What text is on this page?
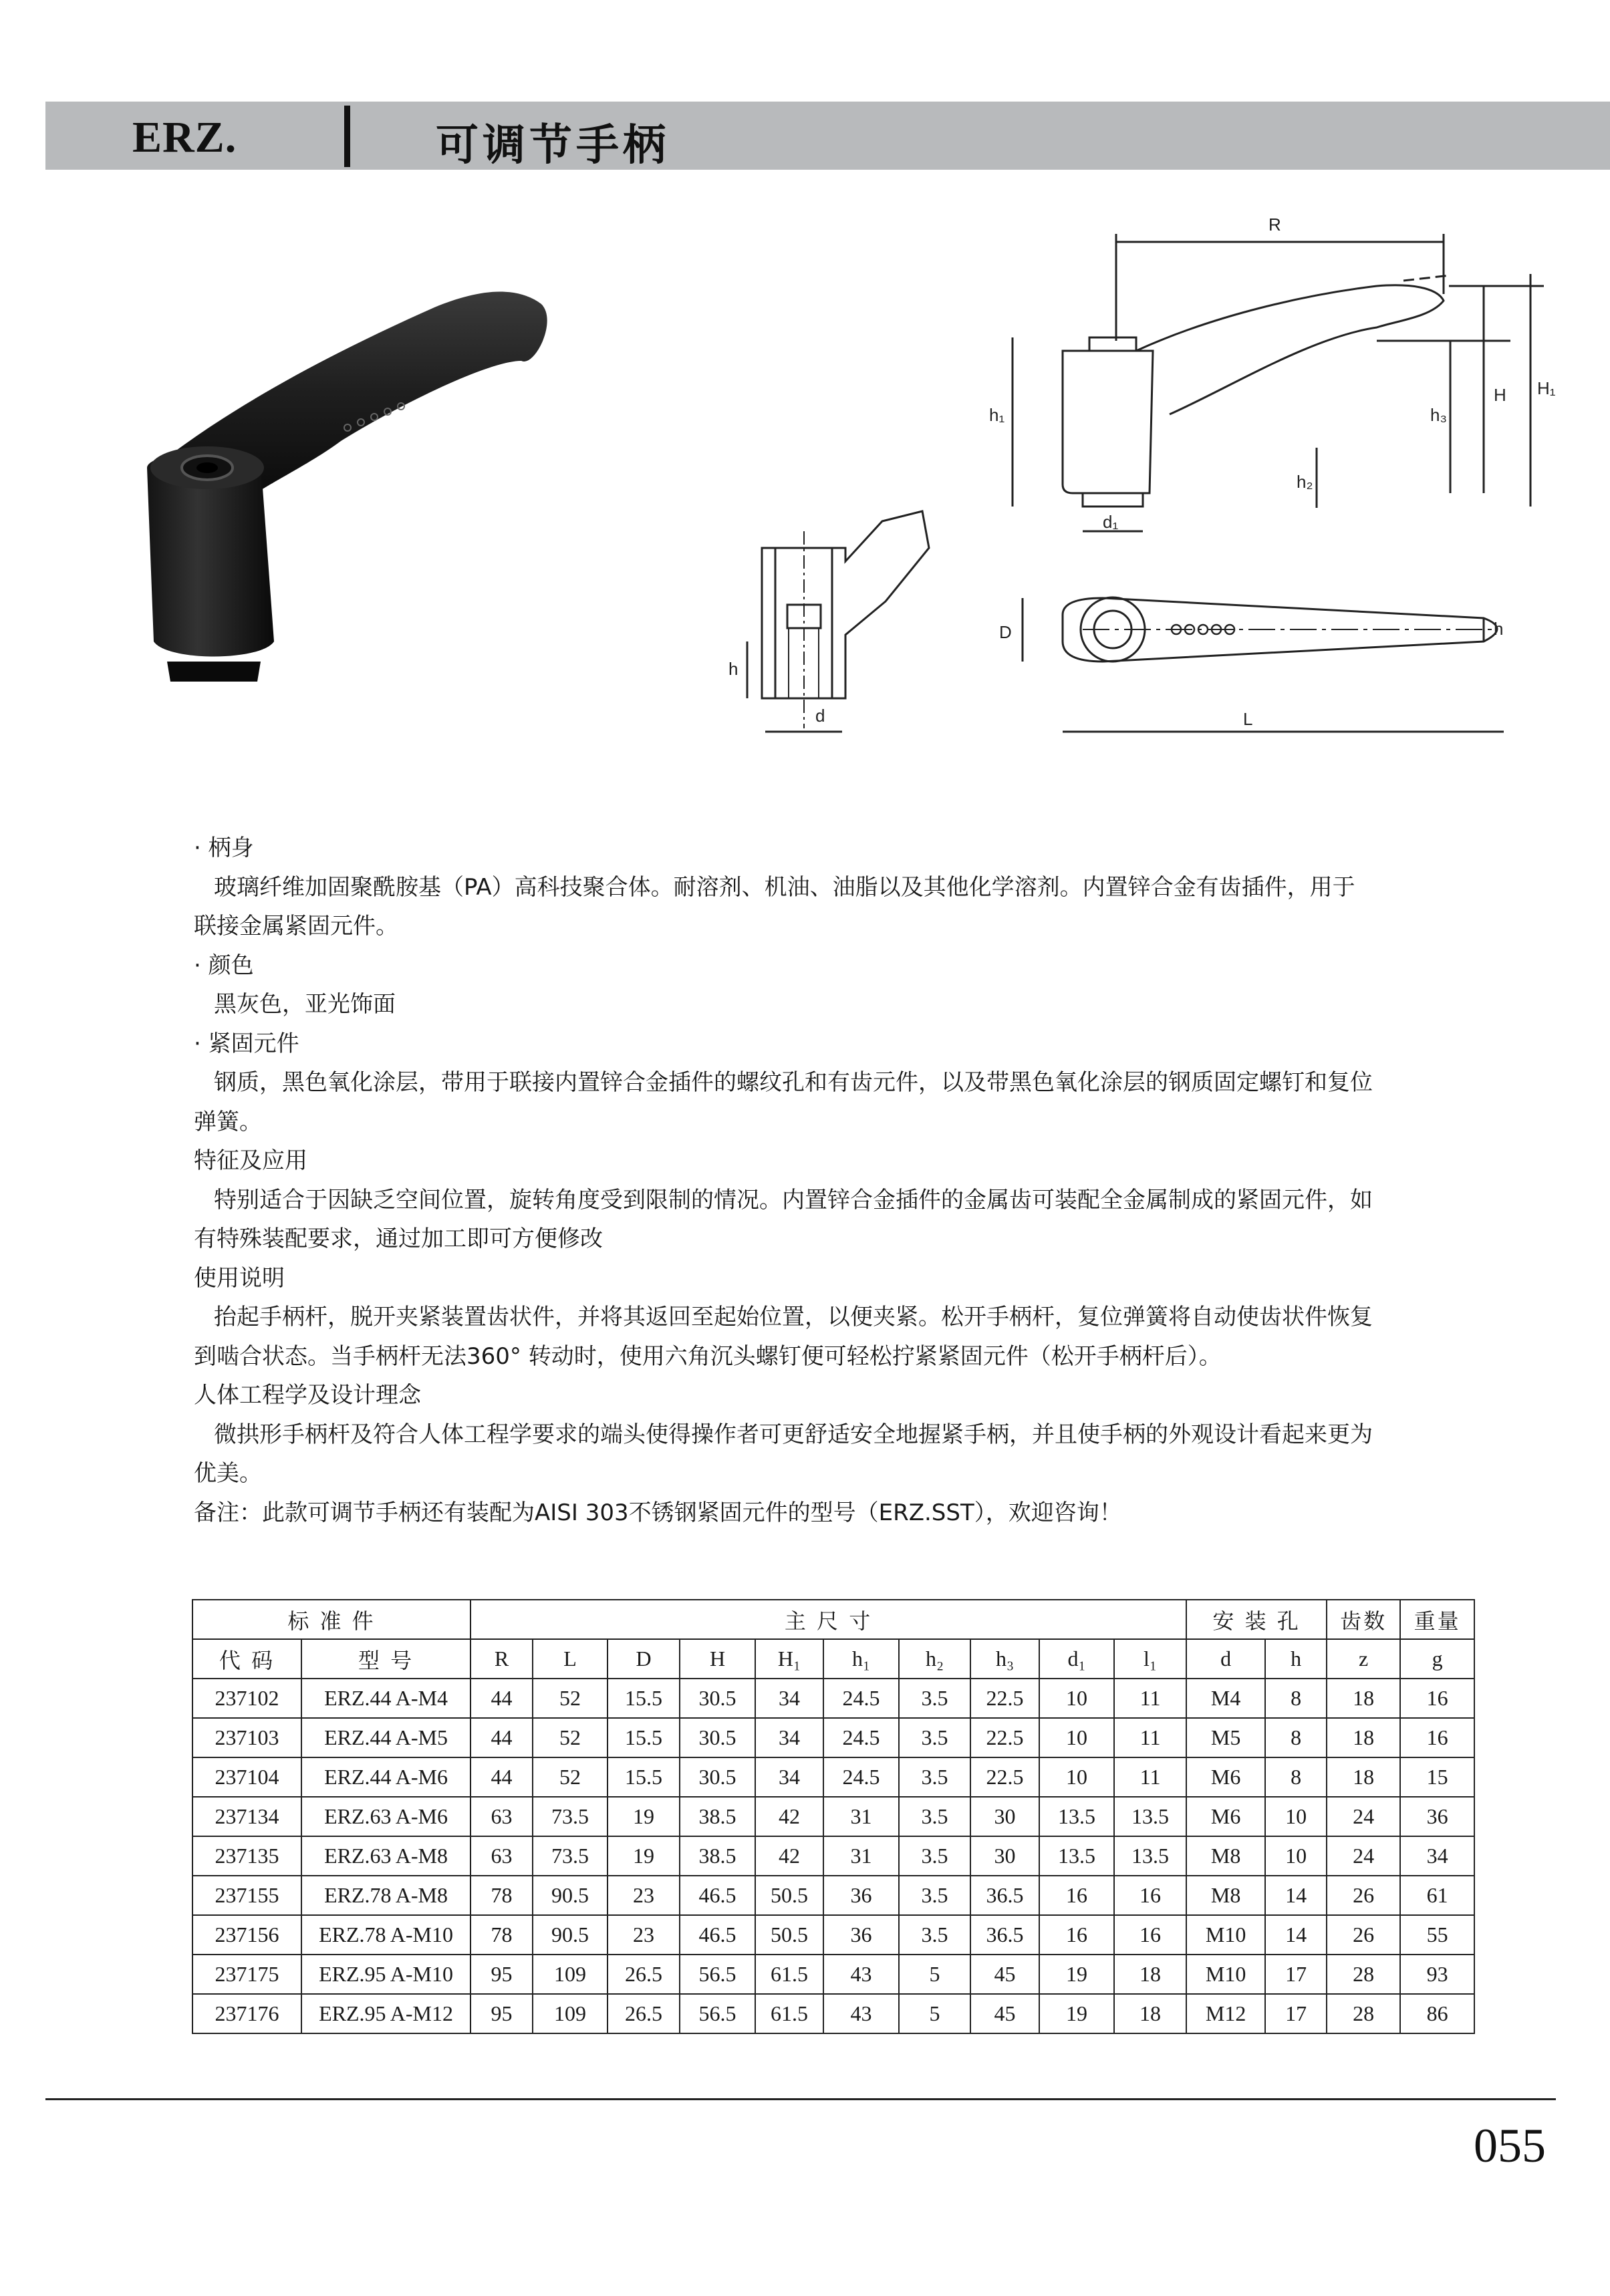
ERZ.	可调节手柄
R
H H₁
h₁
h₂
h₃
d₁
h
d
D
L
h

· 柄身

玻璃纤维加固聚酰胺基（PA）高科技聚合体。耐溶剂、机油、油脂以及其他化学溶剂。内置锌合金有齿插件，用于

联接金属紧固元件。

· 颜色

黑灰色，亚光饰面

· 紧固元件

钢质，黑色氧化涂层，带用于联接内置锌合金插件的螺纹孔和有齿元件，以及带黑色氧化涂层的钢质固定螺钉和复位

弹簧。

特征及应用

特别适合于因缺乏空间位置，旋转角度受到限制的情况。内置锌合金插件的金属齿可装配全金属制成的紧固元件，如

有特殊装配要求，通过加工即可方便修改

使用说明

抬起手柄杆，脱开夹紧装置齿状件，并将其返回至起始位置，以便夹紧。松开手柄杆，复位弹簧将自动使齿状件恢复

到啮合状态。当手柄杆无法360° 转动时，使用六角沉头螺钉便可轻松拧紧紧固元件（松开手柄杆后）。

人体工程学及设计理念

微拱形手柄杆及符合人体工程学要求的端头使得操作者可更舒适安全地握紧手柄，并且使手柄的外观设计看起来更为

优美。

备注：此款可调节手柄还有装配为AISI 303不锈钢紧固元件的型号（ERZ.SST），欢迎咨询！

标 准 件		主 尺 寸										安 装 孔		齿数	重量
代 码	型 号	R	L	D	H	H₁	h₁	h₂	h₃	d₁	l₁	d	h	z	g
237102	ERZ.44 A-M4	44	52	15.5	30.5	34	24.5	3.5	22.5	10	11	M4	8	18	16
237103	ERZ.44 A-M5	44	52	15.5	30.5	34	24.5	3.5	22.5	10	11	M5	8	18	16
237104	ERZ.44 A-M6	44	52	15.5	30.5	34	24.5	3.5	22.5	10	11	M6	8	18	15
237134	ERZ.63 A-M6	63	73.5	19	38.5	42	31	3.5	30	13.5	13.5	M6	10	24	36
237135	ERZ.63 A-M8	63	73.5	19	38.5	42	31	3.5	30	13.5	13.5	M8	10	24	34
237155	ERZ.78 A-M8	78	90.5	23	46.5	50.5	36	3.5	36.5	16	16	M8	14	26	61
237156	ERZ.78 A-M10	78	90.5	23	46.5	50.5	36	3.5	36.5	16	16	M10	14	26	55
237175	ERZ.95 A-M10	95	109	26.5	56.5	61.5	43	5	45	19	18	M10	17	28	93
237176	ERZ.95 A-M12	95	109	26.5	56.5	61.5	43	5	45	19	18	M12	17	28	86
055
